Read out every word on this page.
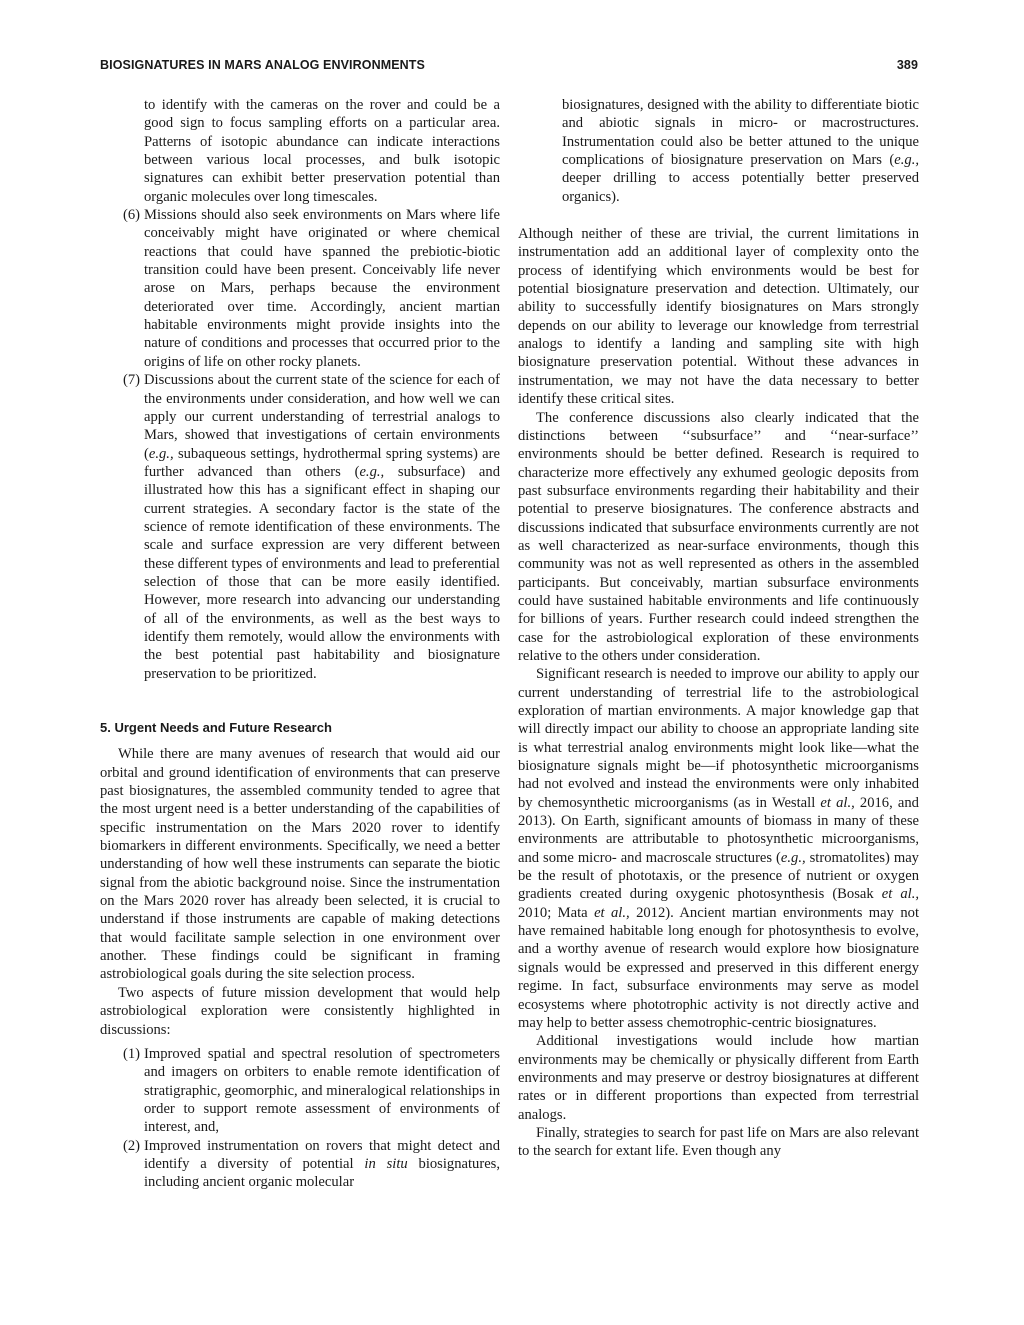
BIOSIGNATURES IN MARS ANALOG ENVIRONMENTS	389

to identify with the cameras on the rover and could be a good sign to focus sampling efforts on a particular area. Patterns of isotopic abundance can indicate interactions between various local processes, and bulk isotopic signatures can exhibit better preservation potential than organic molecules over long timescales.

(6) Missions should also seek environments on Mars where life conceivably might have originated or where chemical reactions that could have spanned the prebiotic-biotic transition could have been present. Conceivably life never arose on Mars, perhaps because the environment deteriorated over time. Accordingly, ancient martian habitable environments might provide insights into the nature of conditions and processes that occurred prior to the origins of life on other rocky planets.

(7) Discussions about the current state of the science for each of the environments under consideration, and how well we can apply our current understanding of terrestrial analogs to Mars, showed that investigations of certain environments (e.g., subaqueous settings, hydrothermal spring systems) are further advanced than others (e.g., subsurface) and illustrated how this has a significant effect in shaping our current strategies. A secondary factor is the state of the science of remote identification of these environments. The scale and surface expression are very different between these different types of environments and lead to preferential selection of those that can be more easily identified. However, more research into advancing our understanding of all of the environments, as well as the best ways to identify them remotely, would allow the environments with the best potential past habitability and biosignature preservation to be prioritized.

5. Urgent Needs and Future Research

While there are many avenues of research that would aid our orbital and ground identification of environments that can preserve past biosignatures, the assembled community tended to agree that the most urgent need is a better understanding of the capabilities of specific instrumentation on the Mars 2020 rover to identify biomarkers in different environments. Specifically, we need a better understanding of how well these instruments can separate the biotic signal from the abiotic background noise. Since the instrumentation on the Mars 2020 rover has already been selected, it is crucial to understand if those instruments are capable of making detections that would facilitate sample selection in one environment over another. These findings could be significant in framing astrobiological goals during the site selection process.

Two aspects of future mission development that would help astrobiological exploration were consistently highlighted in discussions:

(1) Improved spatial and spectral resolution of spectrometers and imagers on orbiters to enable remote identification of stratigraphic, geomorphic, and mineralogical relationships in order to support remote assessment of environments of interest, and,

(2) Improved instrumentation on rovers that might detect and identify a diversity of potential in situ biosignatures, including ancient organic molecular

biosignatures, designed with the ability to differentiate biotic and abiotic signals in micro- or macrostructures. Instrumentation could also be better attuned to the unique complications of biosignature preservation on Mars (e.g., deeper drilling to access potentially better preserved organics).

Although neither of these are trivial, the current limitations in instrumentation add an additional layer of complexity onto the process of identifying which environments would be best for potential biosignature preservation and detection. Ultimately, our ability to successfully identify biosignatures on Mars strongly depends on our ability to leverage our knowledge from terrestrial analogs to identify a landing and sampling site with high biosignature preservation potential. Without these advances in instrumentation, we may not have the data necessary to better identify these critical sites.

The conference discussions also clearly indicated that the distinctions between ‘‘subsurface’’ and ‘‘near-surface’’ environments should be better defined. Research is required to characterize more effectively any exhumed geologic deposits from past subsurface environments regarding their habitability and their potential to preserve biosignatures. The conference abstracts and discussions indicated that subsurface environments currently are not as well characterized as near-surface environments, though this community was not as well represented as others in the assembled participants. But conceivably, martian subsurface environments could have sustained habitable environments and life continuously for billions of years. Further research could indeed strengthen the case for the astrobiological exploration of these environments relative to the others under consideration.

Significant research is needed to improve our ability to apply our current understanding of terrestrial life to the astrobiological exploration of martian environments. A major knowledge gap that will directly impact our ability to choose an appropriate landing site is what terrestrial analog environments might look like—what the biosignature signals might be—if photosynthetic microorganisms had not evolved and instead the environments were only inhabited by chemosynthetic microorganisms (as in Westall et al., 2016, and 2013). On Earth, significant amounts of biomass in many of these environments are attributable to photosynthetic microorganisms, and some micro- and macroscale structures (e.g., stromatolites) may be the result of phototaxis, or the presence of nutrient or oxygen gradients created during oxygenic photosynthesis (Bosak et al., 2010; Mata et al., 2012). Ancient martian environments may not have remained habitable long enough for photosynthesis to evolve, and a worthy avenue of research would explore how biosignature signals would be expressed and preserved in this different energy regime. In fact, subsurface environments may serve as model ecosystems where phototrophic activity is not directly active and may help to better assess chemotrophic-centric biosignatures.

Additional investigations would include how martian environments may be chemically or physically different from Earth environments and may preserve or destroy biosignatures at different rates or in different proportions than expected from terrestrial analogs.

Finally, strategies to search for past life on Mars are also relevant to the search for extant life. Even though any
